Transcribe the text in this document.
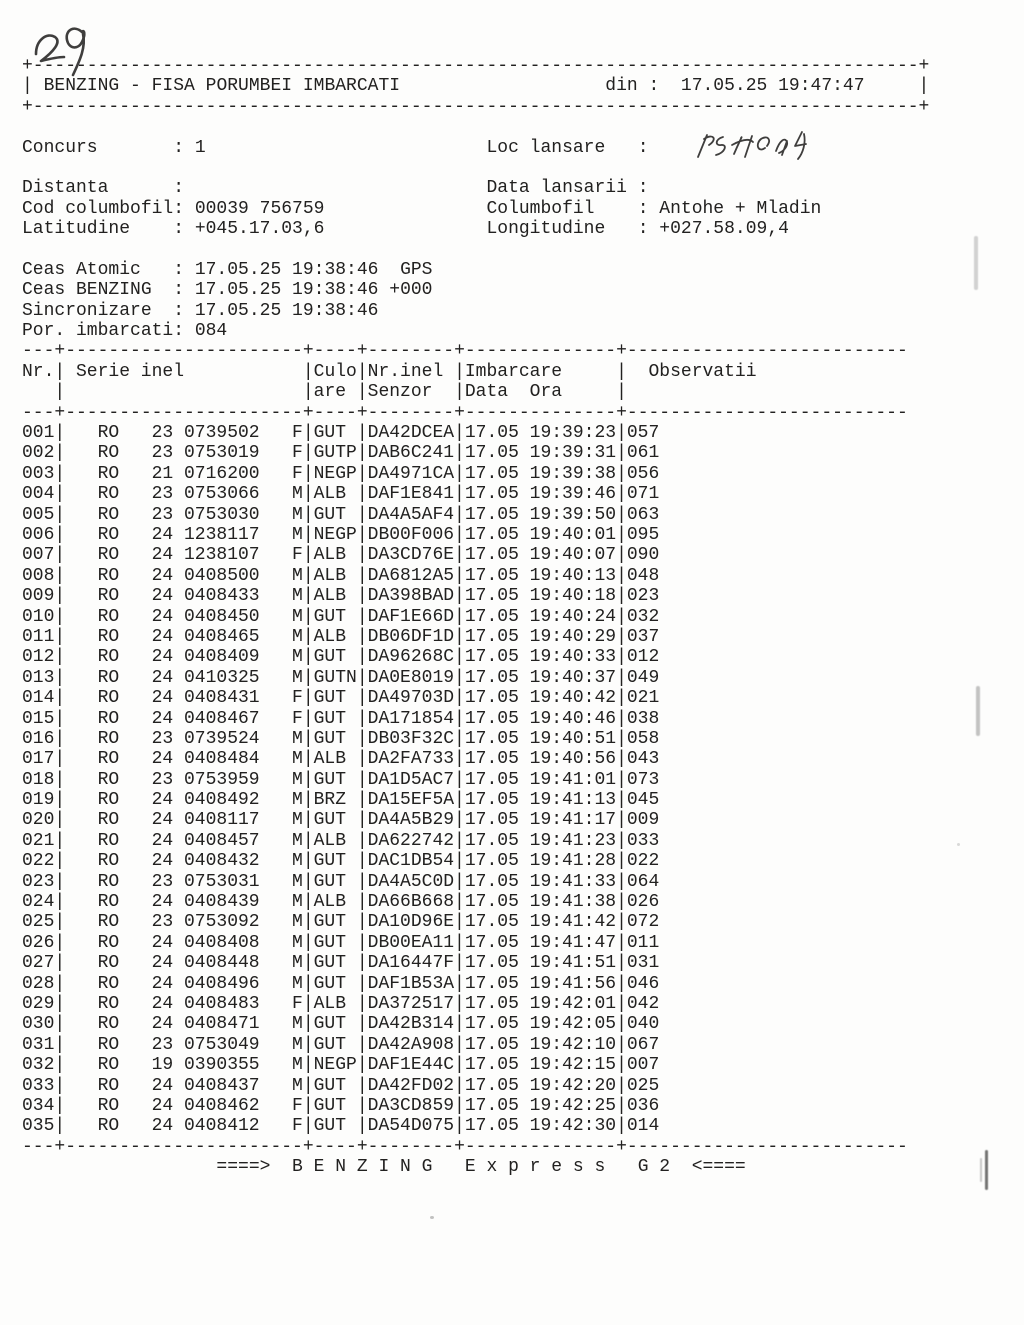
+----------------------------------------------------------------------------------+
| BENZING - FISA PORUMBEI IMBARCATI	din : 17.05.25 19:47:47	|
+----------------------------------------------------------------------------------+
Concurs	: 1	Loc lansare :
Distanta	:	Data lansarii :
Cod columbofil: 00039 756759	Columbofil : Antohe + Mladin
Latitudine : +045.17.03,6	Longitudine : +027.58.09,4
Ceas Atomic : 17.05.25 19:38:46 GPS
Ceas BENZING : 17.05.25 19:38:46 +000
Sincronizare : 17.05.25 19:38:46
Por. imbarcati: 084
---+----------------------+----+--------+--------------+--------------------------
Nr.| Serie inel	|Culo|Nr.inel |Imbarcare	| Observatii
|	|are |Senzor |Data  Ora	|
---+----------------------+----+--------+--------------+--------------------------
001| RO 23 0739502 F|GUT |DA42DCEA|17.05 19:39:23|057
002| RO 23 0753019 F|GUTP|DAB6C241|17.05 19:39:31|061
003| RO 21 0716200 F|NEGP|DA4971CA|17.05 19:39:38|056
004| RO 23 0753066 M|ALB |DAF1E841|17.05 19:39:46|071
005| RO 23 0753030 M|GUT |DA4A5AF4|17.05 19:39:50|063
006| RO 24 1238117 M|NEGP|DB00F006|17.05 19:40:01|095
007| RO 24 1238107 F|ALB |DA3CD76E|17.05 19:40:07|090
008| RO 24 0408500 M|ALB |DA6812A5|17.05 19:40:13|048
009| RO 24 0408433 M|ALB |DA398BAD|17.05 19:40:18|023
010| RO 24 0408450 M|GUT |DAF1E66D|17.05 19:40:24|032
011| RO 24 0408465 M|ALB |DB06DF1D|17.05 19:40:29|037
012| RO 24 0408409 M|GUT |DA96268C|17.05 19:40:33|012
013| RO 24 0410325 M|GUTN|DA0E8019|17.05 19:40:37|049
014| RO 24 0408431 F|GUT |DA49703D|17.05 19:40:42|021
015| RO 24 0408467 F|GUT |DA171854|17.05 19:40:46|038
016| RO 23 0739524 M|GUT |DB03F32C|17.05 19:40:51|058
017| RO 24 0408484 M|ALB |DA2FA733|17.05 19:40:56|043
018| RO 23 0753959 M|GUT |DA1D5AC7|17.05 19:41:01|073
019| RO 24 0408492 M|BRZ |DA15EF5A|17.05 19:41:13|045
020| RO 24 0408117 M|GUT |DA4A5B29|17.05 19:41:17|009
021| RO 24 0408457 M|ALB |DA622742|17.05 19:41:23|033
022| RO 24 0408432 M|GUT |DAC1DB54|17.05 19:41:28|022
023| RO 23 0753031 M|GUT |DA4A5C0D|17.05 19:41:33|064
024| RO 24 0408439 M|ALB |DA66B668|17.05 19:41:38|026
025| RO 23 0753092 M|GUT |DA10D96E|17.05 19:41:42|072
026| RO 24 0408408 M|GUT |DB00EA11|17.05 19:41:47|011
027| RO 24 0408448 M|GUT |DA16447F|17.05 19:41:51|031
028| RO 24 0408496 M|GUT |DAF1B53A|17.05 19:41:56|046
029| RO 24 0408483 F|ALB |DA372517|17.05 19:42:01|042
030| RO 24 0408471 M|GUT |DA42B314|17.05 19:42:05|040
031| RO 23 0753049 M|GUT |DA42A908|17.05 19:42:10|067
032| RO 19 0390355 M|NEGP|DAF1E44C|17.05 19:42:15|007
033| RO 24 0408437 M|GUT |DA42FD02|17.05 19:42:20|025
034| RO 24 0408462 F|GUT |DA3CD859|17.05 19:42:25|036
035| RO 24 0408412 F|GUT |DA54D075|17.05 19:42:30|014
---+----------------------+----+--------+--------------+--------------------------
====>  B E N Z I N G   E x p r e s s   G 2  <====
